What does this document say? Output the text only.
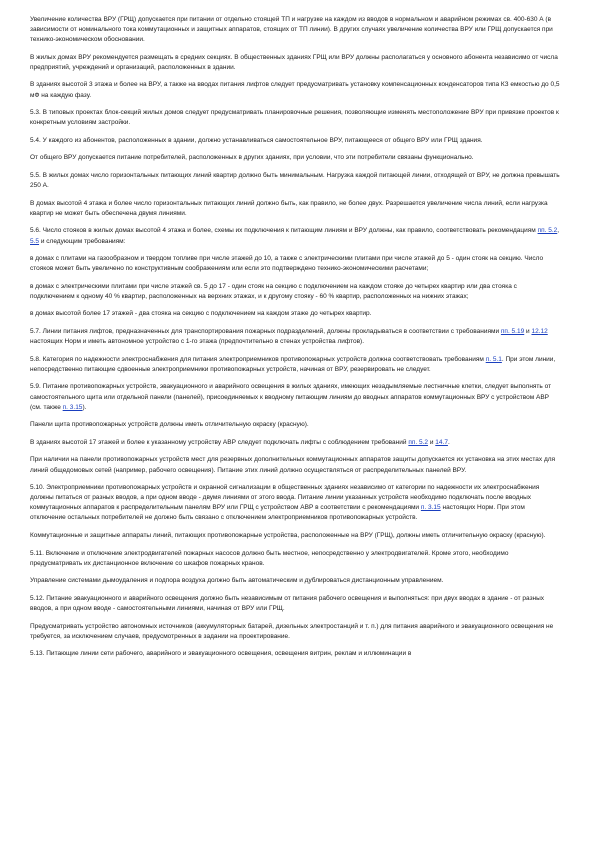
Увеличение количества ВРУ (ГРЩ) допускается при питании от отдельно стоящей ТП и нагрузке на каждом из вводов в нормальном и аварийном режимах св. 400-630 А (в зависимости от номинального тока коммутационных и защитных аппаратов, стоящих от ТП линии). В других случаях увеличение количества ВРУ или ГРЩ допускается при технико-экономическом обосновании.

В жилых домах ВРУ рекомендуется размещать в средних секциях. В общественных зданиях ГРЩ или ВРУ должны располагаться у основного абонента независимо от числа предприятий, учреждений и организаций, расположенных в здании.

В зданиях высотой 3 этажа и более на ВРУ, а также на вводах питания лифтов следует предусматривать установку компенсационных конденсаторов типа КЗ емкостью до 0,5 мФ на каждую фазу.

5.3. В типовых проектах блок-секций жилых домов следует предусматривать планировочные решения, позволяющие изменять местоположение ВРУ при привязке проектов к конкретным условиям застройки.

5.4. У каждого из абонентов, расположенных в здании, должно устанавливаться самостоятельное ВРУ, питающееся от общего ВРУ или ГРЩ здания.

От общего ВРУ допускается питание потребителей, расположенных в других зданиях, при условии, что эти потребители связаны функционально.

5.5. В жилых домах число горизонтальных питающих линий квартир должно быть минимальным. Нагрузка каждой питающей линии, отходящей от ВРУ, не должна превышать 250 А.

В домах высотой 4 этажа и более число горизонтальных питающих линий должно быть, как правило, не более двух. Разрешается увеличение числа линий, если нагрузка квартир не может быть обеспечена двумя линиями.

5.6. Число стояков в жилых домах высотой 4 этажа и более, схемы их подключения к питающим линиям и ВРУ должны, как правило, соответствовать рекомендациям пп. 5.2, 5.5 и следующим требованиям:

в домах с плитами на газообразном и твердом топливе при числе этажей до 10, а также с электрическими плитами при числе этажей до 5 - один стояк на секцию. Число стояков может быть увеличено по конструктивным соображениям или если это подтверждено технико-экономическими расчетами;

в домах с электрическими плитами при числе этажей св. 5 до 17 - один стояк на секцию с подключением на каждом стояке до четырех квартир или два стояка с подключением к одному 40 % квартир, расположенных на верхних этажах, и к другому стояку - 60 % квартир, расположенных на нижних этажах;

в домах высотой более 17 этажей - два стояка на секцию с подключением на каждом этаже до четырех квартир.

5.7. Линии питания лифтов, предназначенных для транспортирования пожарных подразделений, должны прокладываться в соответствии с требованиями пп. 5.19 и 12.12 настоящих Норм и иметь автономное устройство с 1-го этажа (предпочтительно в стенах устройства лифтов).

5.8. Категория по надежности электроснабжения для питания электроприемников противопожарных устройств должна соответствовать требованиям п. 5.1. При этом линии, непосредственно питающие сдвоенные электроприемники противопожарных устройств, начиная от ВРУ, резервировать не следует.

5.9. Питание противопожарных устройств, эвакуационного и аварийного освещения в жилых зданиях, имеющих незадымляемые лестничные клетки, следует выполнять от самостоятельного щита или отдельной панели (панелей), присоединяемых к вводному питающим линиям до вводных аппаратов коммутационных ВРУ с устройством АВР (см. также п. 3.15).

Панели щита противопожарных устройств должны иметь отличительную окраску (красную).

В зданиях высотой 17 этажей и более к указанному устройству АВР следует подключать лифты с соблюдением требований пп. 5.2 и 14.7.

При наличии на панели противопожарных устройств мест для резервных дополнительных коммутационных аппаратов защиты допускается их установка на этих местах для линий общедомовых сетей (например, рабочего освещения). Питание этих линий должно осуществляться от распределительных панелей ВРУ.

5.10. Электроприемники противопожарных устройств и охранной сигнализации в общественных зданиях независимо от категории по надежности их электроснабжения должны питаться от разных вводов, а при одном вводе - двумя линиями от этого ввода. Питание линии указанных устройств необходимо подключать после вводных коммутационных аппаратов к распределительным панелям ВРУ или ГРЩ с устройством АВР в соответствии с рекомендациями п. 3.15 настоящих Норм. При этом отключение остальных потребителей не должно быть связано с отключением электроприемников противопожарных устройств.

Коммутационные и защитные аппараты линий, питающих противопожарные устройства, расположенные на ВРУ (ГРЩ), должны иметь отличительную окраску (красную).

5.11. Включение и отключение электродвигателей пожарных насосов должно быть местное, непосредственно у электродвигателей. Кроме этого, необходимо предусматривать их дистанционное включение со шкафов пожарных кранов.

Управление системами дымоудаления и подпора воздуха должно быть автоматическим и дублироваться дистанционным управлением.

5.12. Питание эвакуационного и аварийного освещения должно быть независимым от питания рабочего освещения и выполняться: при двух вводах в здание - от разных вводов, а при одном вводе - самостоятельными линиями, начиная от ВРУ или ГРЩ.

Предусматривать устройство автономных источников (аккумуляторных батарей, дизельных электростанций и т. п.) для питания аварийного и эвакуационного освещения не требуется, за исключением случаев, предусмотренных в задании на проектирование.

5.13. Питающие линии сети рабочего, аварийного и эвакуационного освещения, освещения витрин, реклам и иллюминации в
